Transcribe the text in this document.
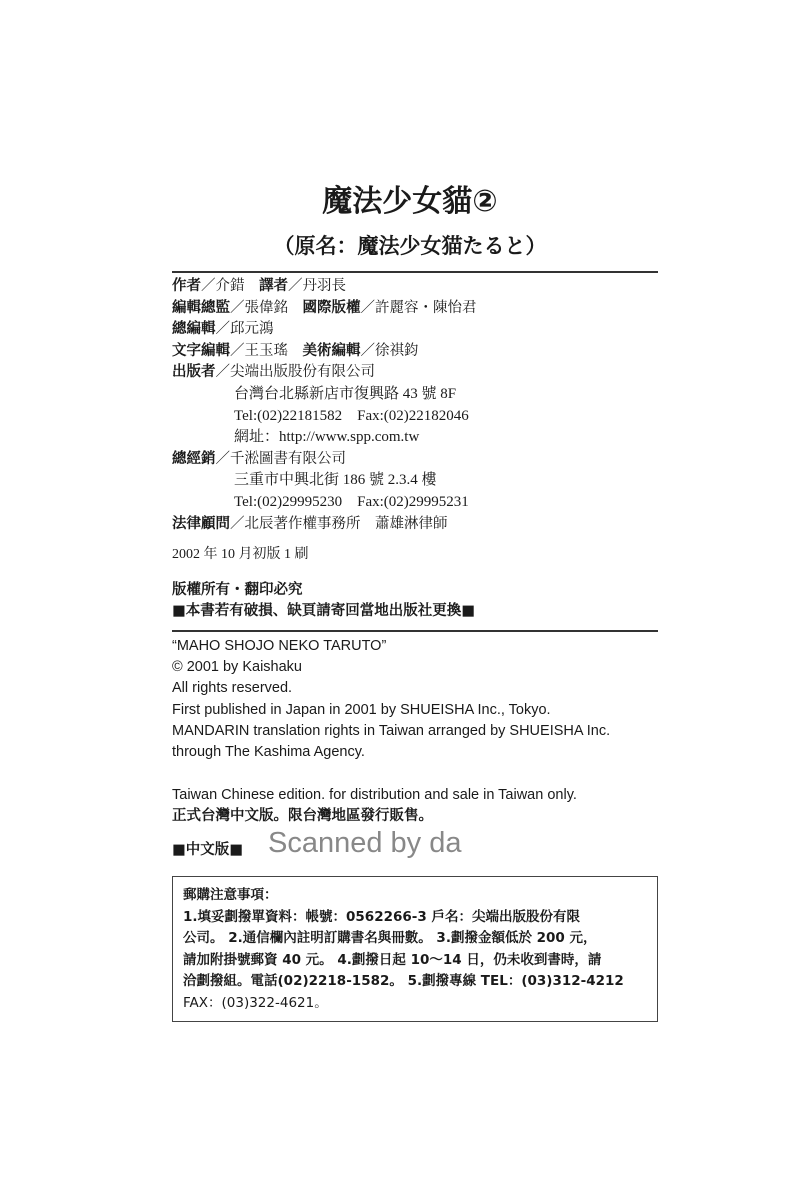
魔法少女貓②
（原名：魔法少女猫たると）
作者／介錯　 譯者／丹羽長
編輯總監／張偉銘　 國際版權／許麗容・陳怡君
總編輯／邱元鴻
文字編輯／王玉瑤　 美術編輯／徐祺鈞
出版者／尖端出版股份有限公司
台灣台北縣新店市復興路 43 號 8F
Tel:(02)22181582　Fax:(02)22182046
網址：http://www.spp.com.tw
總經銷／千淞圖書有限公司
三重市中興北街 186 號 2.3.4 樓
Tel:(02)29995230　Fax:(02)29995231
法律顧問／北辰著作權事務所　蕭雄淋律師
2002 年 10 月初版 1 刷
版權所有・翻印必究
■本書若有破損、缺頁請寄回當地出版社更換■
“MAHO SHOJO NEKO TARUTO”
© 2001 by Kaishaku
All rights reserved.
First published in Japan in 2001 by SHUEISHA Inc., Tokyo.
MANDARIN translation rights in Taiwan arranged by SHUEISHA Inc.
through The Kashima Agency.
Taiwan Chinese edition. for distribution and sale in Taiwan only.
正式台灣中文版。限台灣地區發行販售。
■中文版■ Scanned by da
郵購注意事項：
1.填妥劃撥單資料：帳號：0562266-3 戶名：尖端出版股份有限
公司。 2.通信欄內註明訂購書名與冊數。 3.劃撥金額低於 200 元，
請加附掛號郵資 40 元。 4.劃撥日起 10～14 日，仍未收到書時，請
洽劃撥組。電話(02)2218-1582。 5.劃撥專線 TEL：(03)312-4212
FAX：(03)322-4621。
